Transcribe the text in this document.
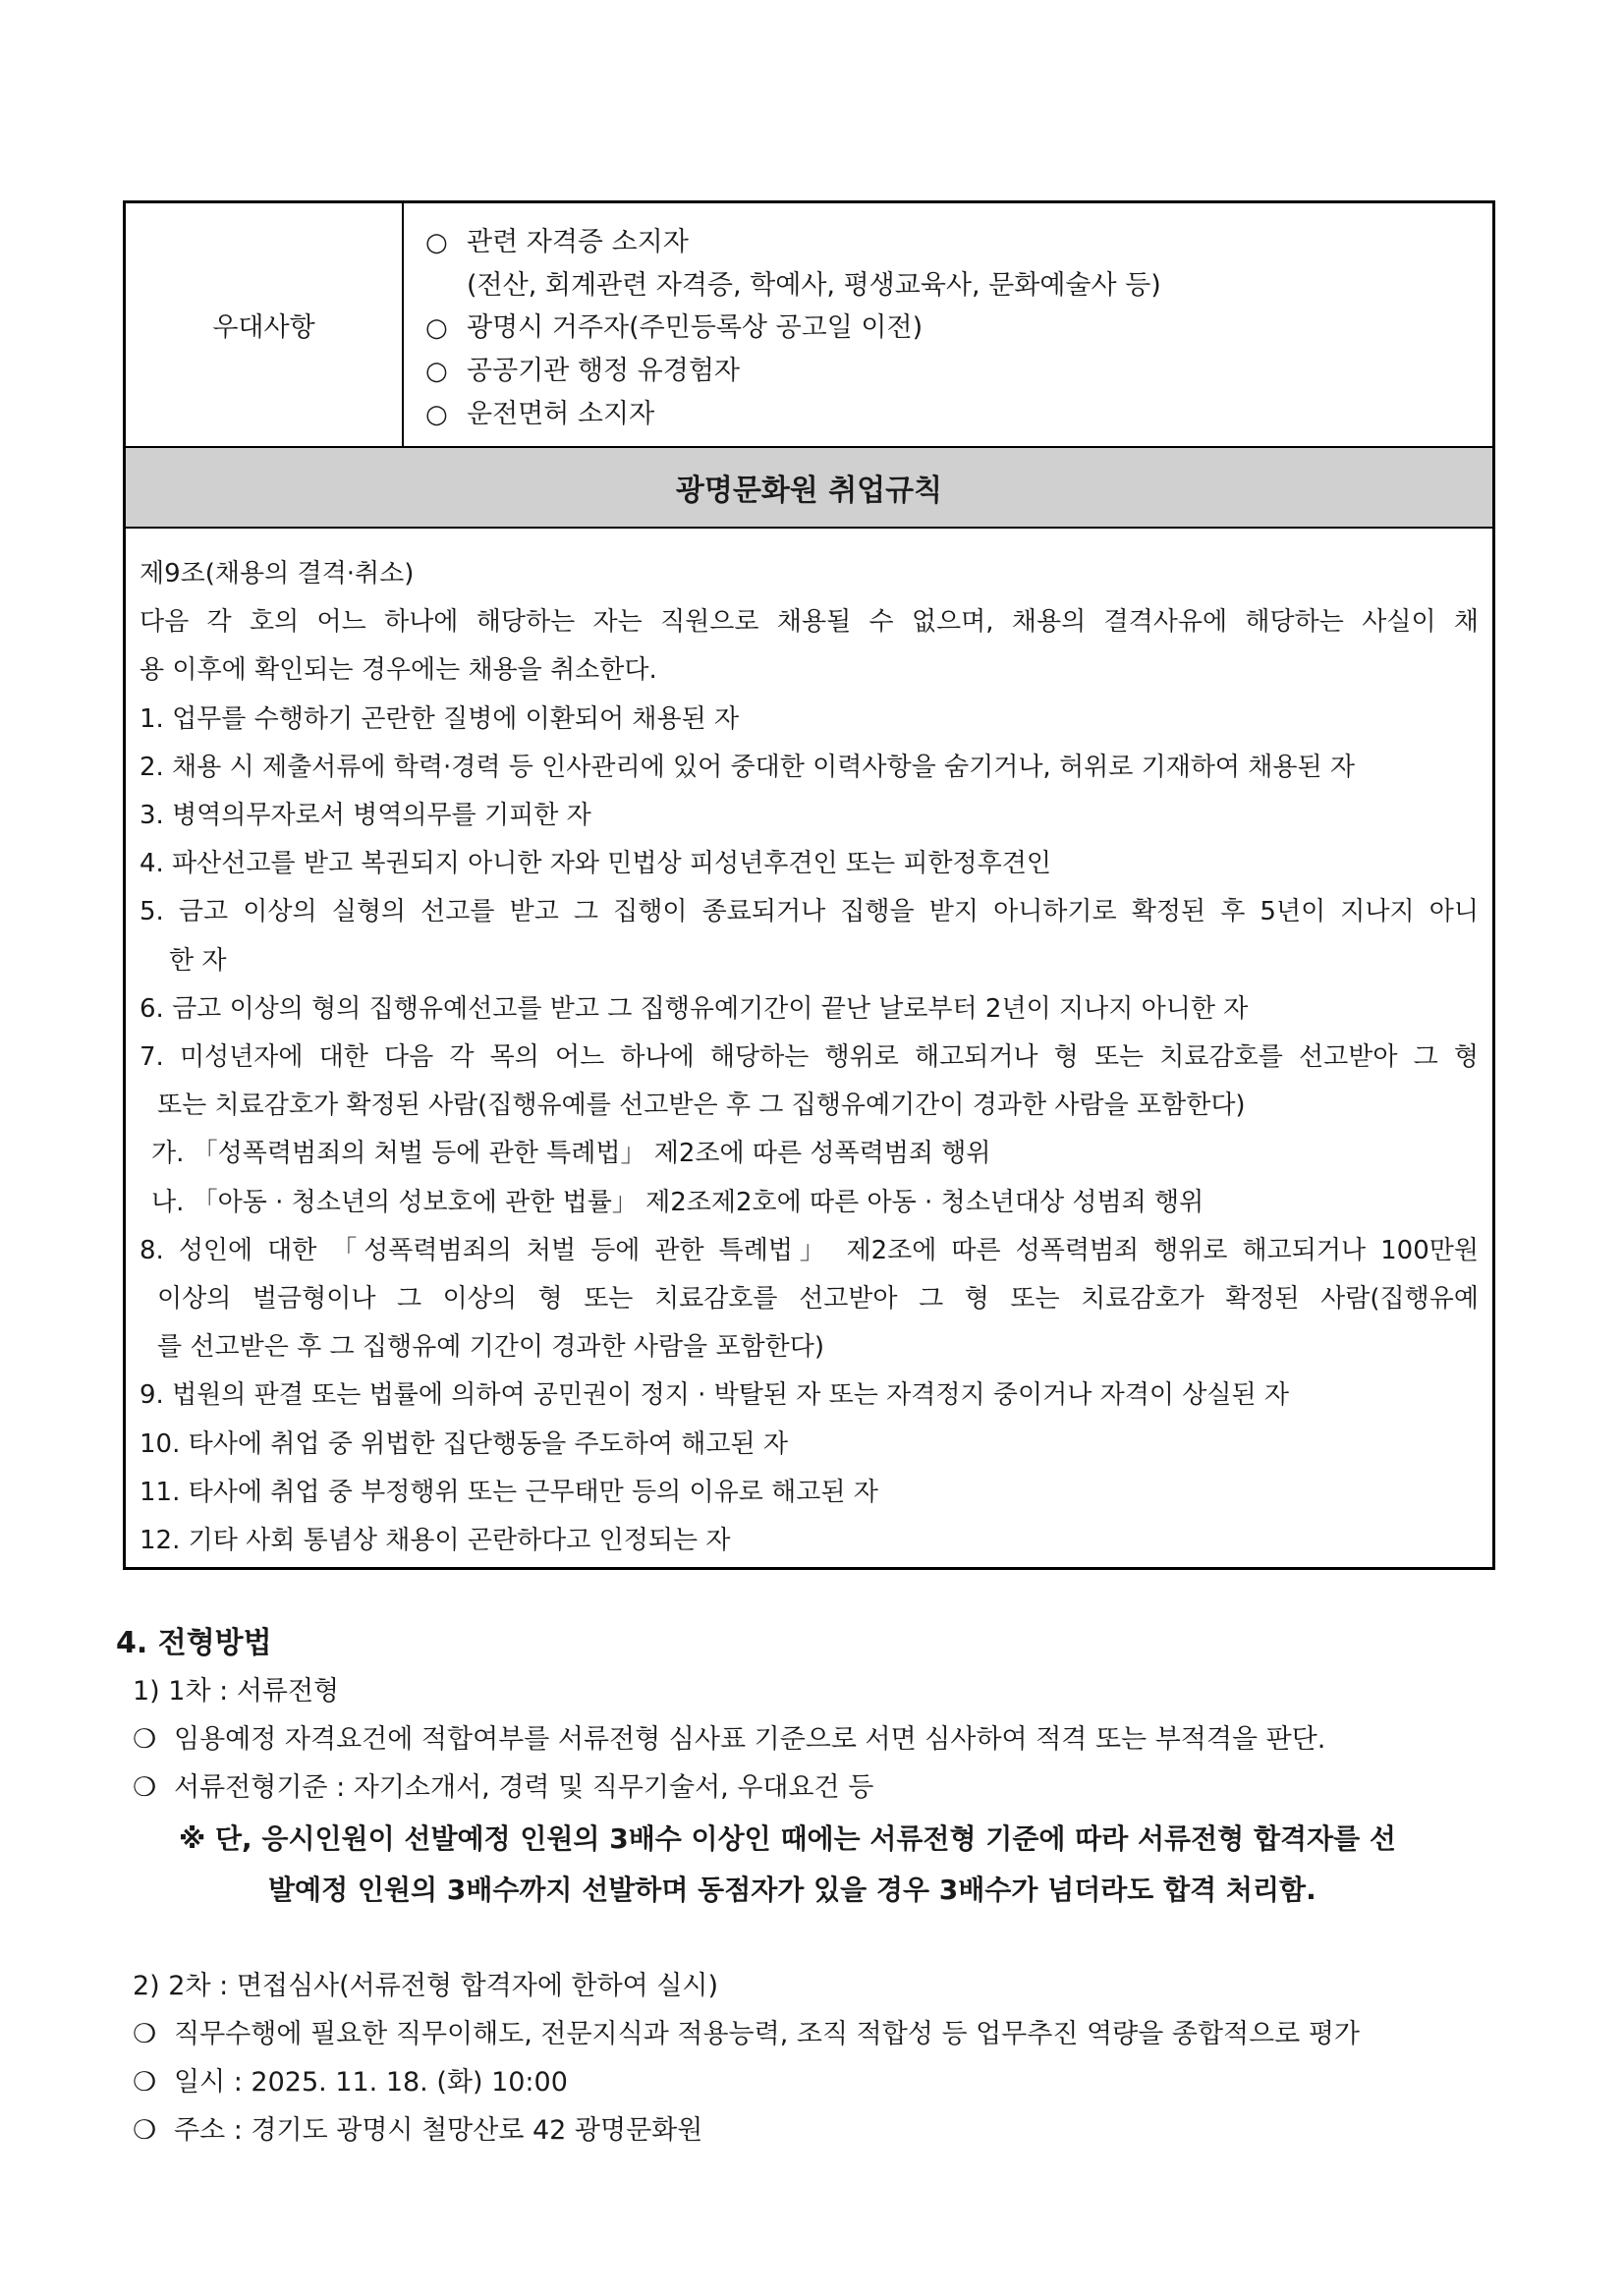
우대사항
○ 관련 자격증 소지자
(전산, 회계관련 자격증, 학예사, 평생교육사, 문화예술사 등)
○ 광명시 거주자(주민등록상 공고일 이전)
○ 공공기관 행정 유경험자
○ 운전면허 소지자
광명문화원 취업규칙
제9조(채용의 결격·취소)
다음 각 호의 어느 하나에 해당하는 자는 직원으로 채용될 수 없으며, 채용의 결격사유에 해당하는 사실이 채
용 이후에 확인되는 경우에는 채용을 취소한다.
1. 업무를 수행하기 곤란한 질병에 이환되어 채용된 자
2. 채용 시 제출서류에 학력·경력 등 인사관리에 있어 중대한 이력사항을 숨기거나, 허위로 기재하여 채용된 자
3. 병역의무자로서 병역의무를 기피한 자
4. 파산선고를 받고 복권되지 아니한 자와 민법상 피성년후견인 또는 피한정후견인
5. 금고 이상의 실형의 선고를 받고 그 집행이 종료되거나 집행을 받지 아니하기로 확정된 후 5년이 지나지 아니
한 자
6. 금고 이상의 형의 집행유예선고를 받고 그 집행유예기간이 끝난 날로부터 2년이 지나지 아니한 자
7. 미성년자에 대한 다음 각 목의 어느 하나에 해당하는 행위로 해고되거나 형 또는 치료감호를 선고받아 그 형
또는 치료감호가 확정된 사람(집행유예를 선고받은 후 그 집행유예기간이 경과한 사람을 포함한다)
가. 「성폭력범죄의 처벌 등에 관한 특례법」 제2조에 따른 성폭력범죄 행위
나. 「아동 · 청소년의 성보호에 관한 법률」 제2조제2호에 따른 아동 · 청소년대상 성범죄 행위
8. 성인에 대한 「성폭력범죄의 처벌 등에 관한 특례법」 제2조에 따른 성폭력범죄 행위로 해고되거나 100만원
이상의 벌금형이나 그 이상의 형 또는 치료감호를 선고받아 그 형 또는 치료감호가 확정된 사람(집행유예
를 선고받은 후 그 집행유예 기간이 경과한 사람을 포함한다)
9. 법원의 판결 또는 법률에 의하여 공민권이 정지 · 박탈된 자 또는 자격정지 중이거나 자격이 상실된 자
10. 타사에 취업 중 위법한 집단행동을 주도하여 해고된 자
11. 타사에 취업 중 부정행위 또는 근무태만 등의 이유로 해고된 자
12. 기타 사회 통념상 채용이 곤란하다고 인정되는 자
4. 전형방법
1) 1차 : 서류전형
❍ 임용예정 자격요건에 적합여부를 서류전형 심사표 기준으로 서면 심사하여 적격 또는 부적격을 판단.
❍ 서류전형기준 : 자기소개서, 경력 및 직무기술서, 우대요건 등
※ 단, 응시인원이 선발예정 인원의 3배수 이상인 때에는 서류전형 기준에 따라 서류전형 합격자를 선
발예정 인원의 3배수까지 선발하며 동점자가 있을 경우 3배수가 넘더라도 합격 처리함.
2) 2차 : 면접심사(서류전형 합격자에 한하여 실시)
❍ 직무수행에 필요한 직무이해도, 전문지식과 적용능력, 조직 적합성 등 업무추진 역량을 종합적으로 평가
❍ 일시 : 2025. 11. 18. (화) 10:00
❍ 주소 : 경기도 광명시 철망산로 42 광명문화원
